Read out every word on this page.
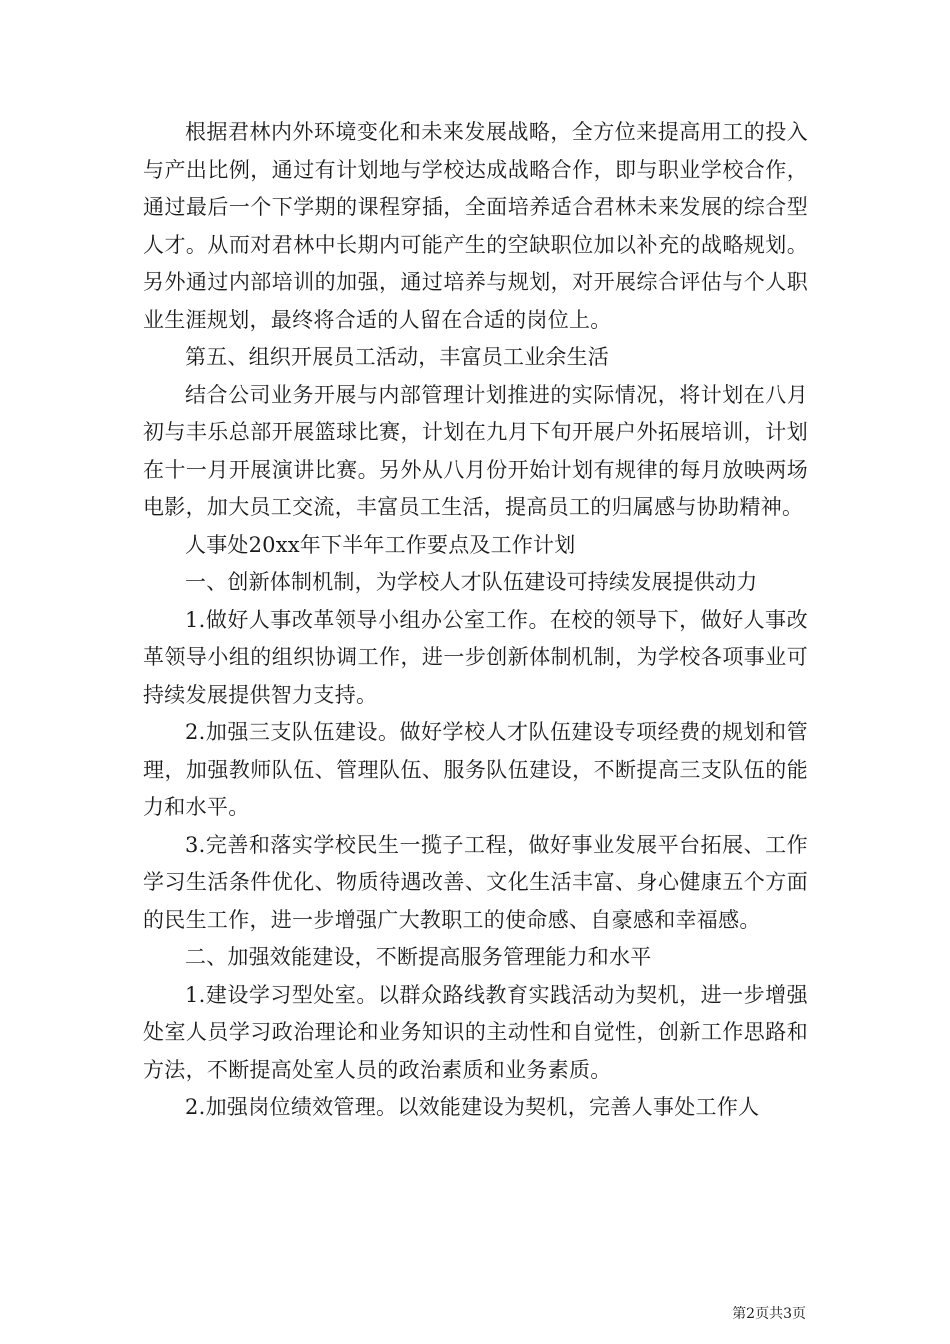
根据君林内外环境变化和未来发展战略，全方位来提高用工的投入与产出比例，通过有计划地与学校达成战略合作，即与职业学校合作，通过最后一个下学期的课程穿插，全面培养适合君林未来发展的综合型人才。从而对君林中长期内可能产生的空缺职位加以补充的战略规划。另外通过内部培训的加强，通过培养与规划，对开展综合评估与个人职业生涯规划，最终将合适的人留在合适的岗位上。

第五、组织开展员工活动，丰富员工业余生活

结合公司业务开展与内部管理计划推进的实际情况，将计划在八月初与丰乐总部开展篮球比赛，计划在九月下旬开展户外拓展培训，计划在十一月开展演讲比赛。另外从八月份开始计划有规律的每月放映两场电影，加大员工交流，丰富员工生活，提高员工的归属感与协助精神。

人事处20xx年下半年工作要点及工作计划

一、创新体制机制，为学校人才队伍建设可持续发展提供动力

1.做好人事改革领导小组办公室工作。在校的领导下，做好人事改革领导小组的组织协调工作，进一步创新体制机制，为学校各项事业可持续发展提供智力支持。

2.加强三支队伍建设。做好学校人才队伍建设专项经费的规划和管理，加强教师队伍、管理队伍、服务队伍建设，不断提高三支队伍的能力和水平。

3.完善和落实学校民生一揽子工程，做好事业发展平台拓展、工作学习生活条件优化、物质待遇改善、文化生活丰富、身心健康五个方面的民生工作，进一步增强广大教职工的使命感、自豪感和幸福感。

二、加强效能建设，不断提高服务管理能力和水平

1.建设学习型处室。以群众路线教育实践活动为契机，进一步增强处室人员学习政治理论和业务知识的主动性和自觉性，创新工作思路和方法，不断提高处室人员的政治素质和业务素质。

2.加强岗位绩效管理。以效能建设为契机，完善人事处工作人

第2页共3页
